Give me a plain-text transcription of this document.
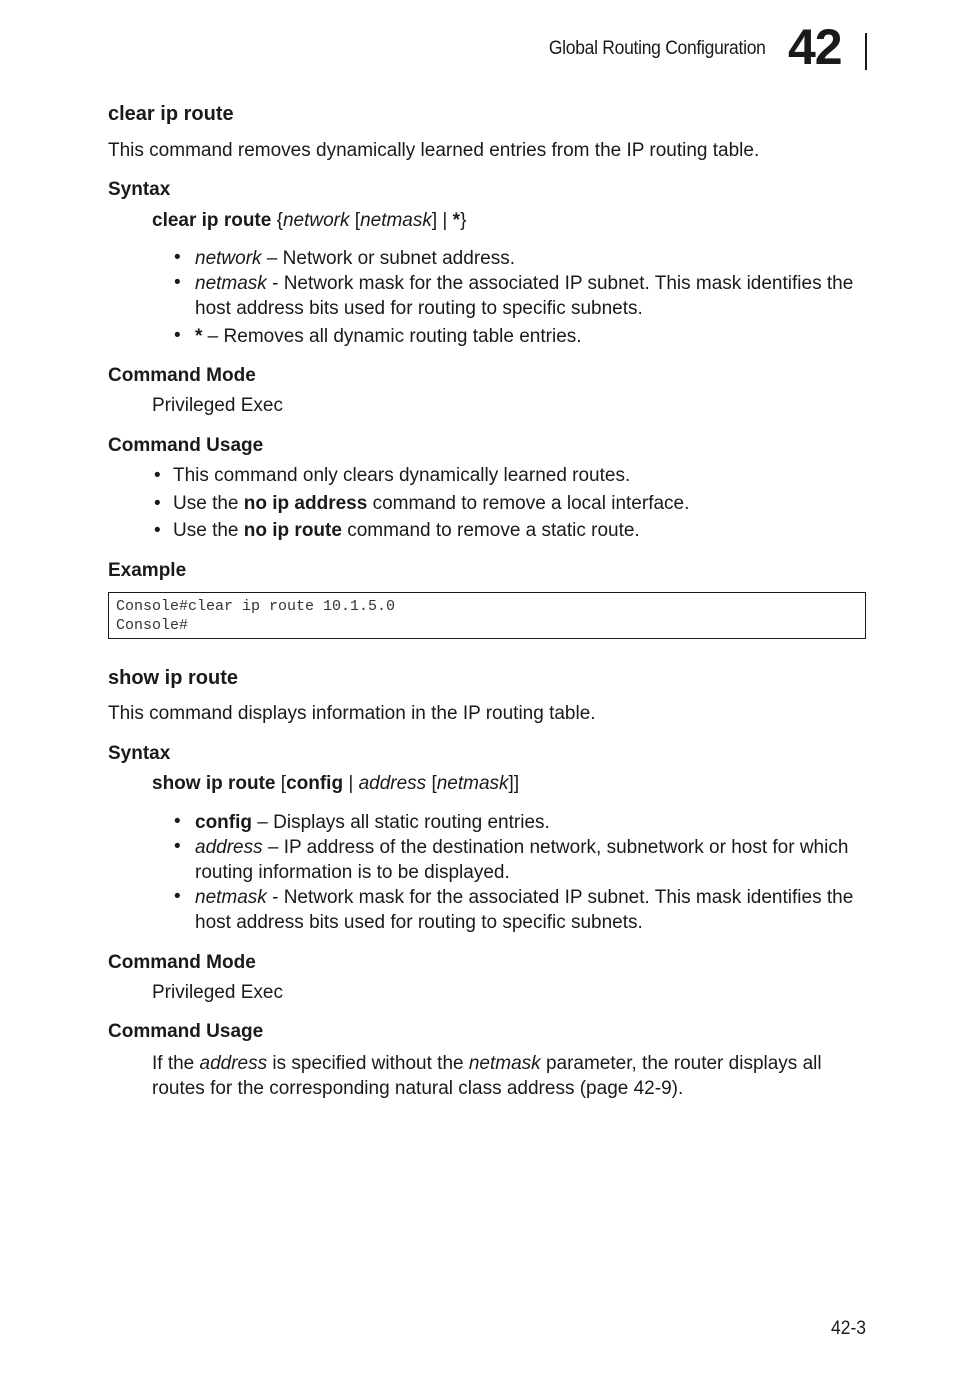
Global Routing Configuration 42
clear ip route
This command removes dynamically learned entries from the IP routing table.
Syntax
clear ip route {network [netmask] | *}
• network – Network or subnet address.
• netmask - Network mask for the associated IP subnet. This mask identifies the host address bits used for routing to specific subnets.
• * – Removes all dynamic routing table entries.
Command Mode
Privileged Exec
Command Usage
• This command only clears dynamically learned routes.
• Use the no ip address command to remove a local interface.
• Use the no ip route command to remove a static route.
Example
Console#clear ip route 10.1.5.0
Console#
show ip route
This command displays information in the IP routing table.
Syntax
show ip route [config | address [netmask]]
• config – Displays all static routing entries.
• address – IP address of the destination network, subnetwork or host for which routing information is to be displayed.
• netmask - Network mask for the associated IP subnet. This mask identifies the host address bits used for routing to specific subnets.
Command Mode
Privileged Exec
Command Usage
If the address is specified without the netmask parameter, the router displays all routes for the corresponding natural class address (page 42-9).
42-3
